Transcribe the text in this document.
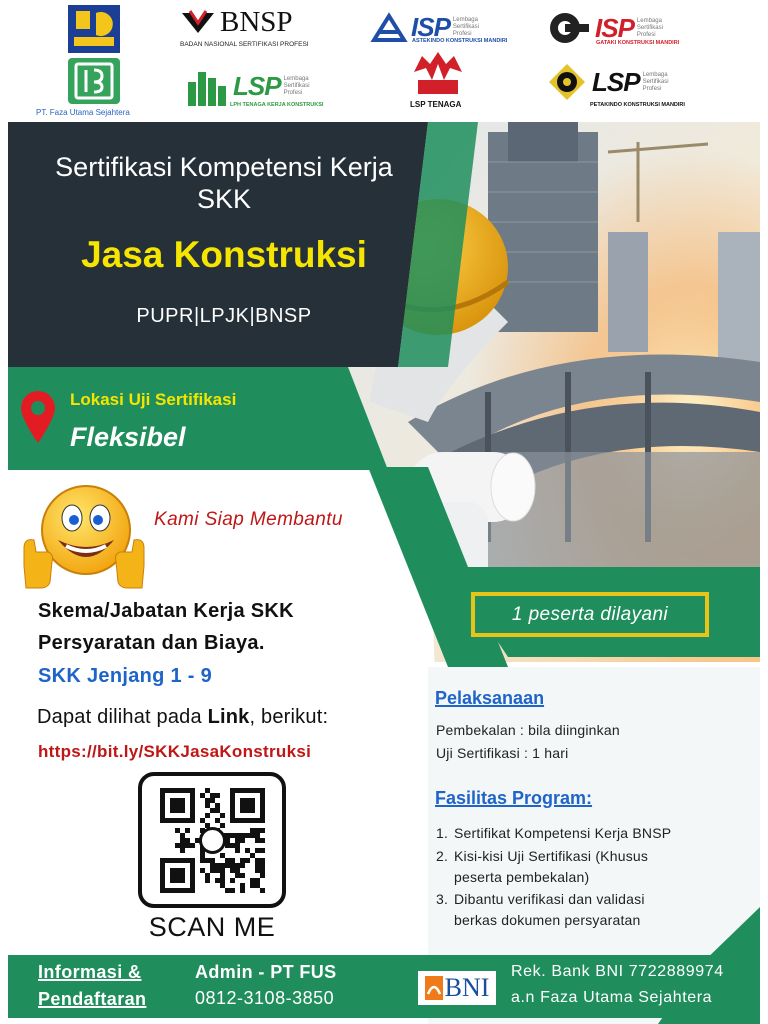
BNSP
BADAN NASIONAL SERTIFIKASI PROFESI
ISP Lembaga Sertifikasi Profesi
ASTEKINDO KONSTRUKSI MANDIRI	ISP Lembaga Sertifikasi Profesi
GATAKI KONSTRUKSI MANDIRI
PT. Faza Utama Sejahtera
LSP Lembaga Sertifikasi Profesi
LPH TENAGA KERJA KONSTRUKSI	LSP TENAGA
LSP Lembaga Sertifikasi Profesi
PETAKINDO KONSTRUKSI MANDIRI
Sertifikasi Kompetensi Kerja
SKK
Jasa Konstruksi
PUPR|LPJK|BNSP
Lokasi Uji Sertifikasi
Fleksibel
Kami Siap Membantu
1 peserta dilayani
Skema/Jabatan Kerja SKK
Persyaratan dan Biaya.
SKK Jenjang 1 - 9
Dapat dilihat pada Link, berikut:
https://bit.ly/SKKJasaKonstruksi
SCAN ME
Pelaksanaan
Pembekalan : bila diinginkan
Uji Sertifikasi : 1 hari
Fasilitas Program:
1. Sertifikat Kompetensi Kerja BNSP
2. Kisi-kisi Uji Sertifikasi (Khusus
peserta pembekalan)
3. Dibantu verifikasi dan validasi
berkas dokumen persyaratan
Informasi &
Pendaftaran
Admin - PT FUS
0812-3108-3850	BNI
Rek. Bank BNI 7722889974
a.n Faza Utama Sejahtera
